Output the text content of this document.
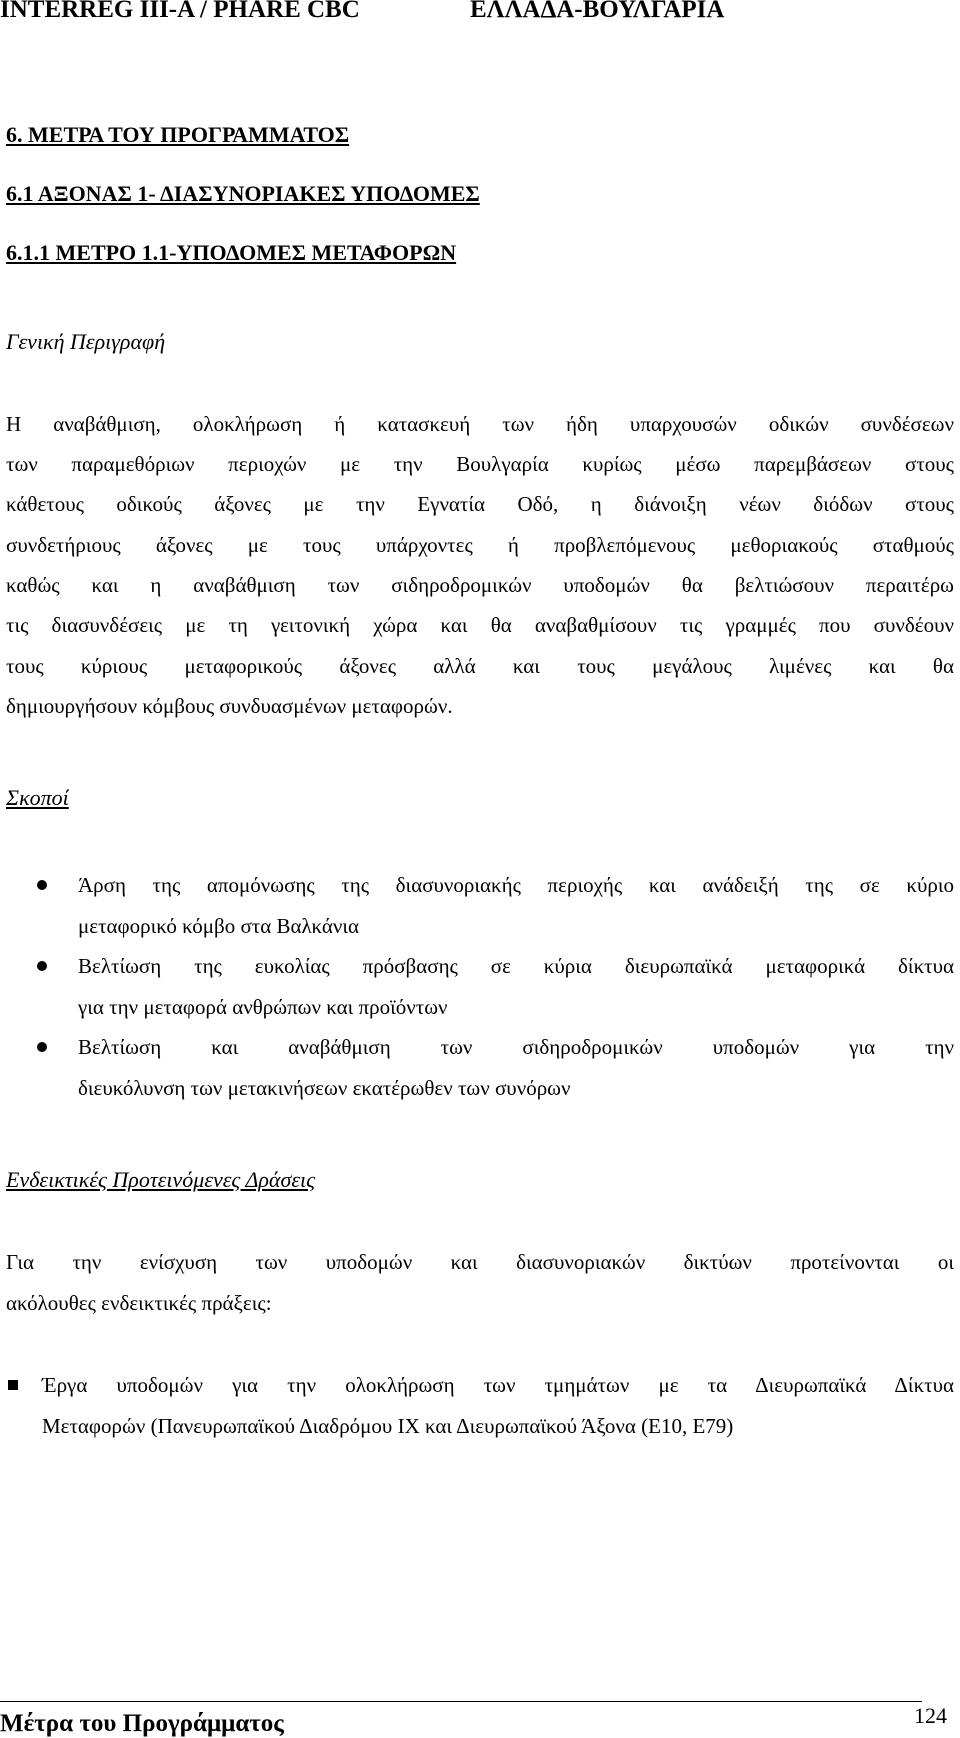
INTERREG III-A / PHARE CBC	ΕΛΛΑΔΑ-ΒΟΥΛΓΑΡΙΑ
6. ΜΕΤΡΑ ΤΟΥ ΠΡΟΓΡΑΜΜΑΤΟΣ
6.1 ΑΞΟΝΑΣ 1- ΔΙΑΣΥΝΟΡΙΑΚΕΣ ΥΠΟΔΟΜΕΣ
6.1.1 ΜΕΤΡΟ 1.1-ΥΠΟΔΟΜΕΣ ΜΕΤΑΦΟΡΩΝ
Γενική Περιγραφή
Η αναβάθμιση, ολοκλήρωση ή κατασκευή των ήδη υπαρχουσών οδικών συνδέσεων
των παραμεθόριων περιοχών με την Βουλγαρία κυρίως μέσω παρεμβάσεων στους
κάθετους οδικούς άξονες με την Εγνατία Οδό, η διάνοιξη νέων διόδων στους
συνδετήριους άξονες με τους υπάρχοντες ή προβλεπόμενους μεθοριακούς σταθμούς
καθώς και η αναβάθμιση των σιδηροδρομικών υποδομών θα βελτιώσουν περαιτέρω
τις διασυνδέσεις με τη γειτονική χώρα και θα αναβαθμίσουν τις γραμμές που συνδέουν
τους κύριους μεταφορικούς άξονες αλλά και τους μεγάλους λιμένες και θα
δημιουργήσουν κόμβους συνδυασμένων μεταφορών.
Σκοποί
Άρση της απομόνωσης της διασυνοριακής περιοχής και ανάδειξή της σε κύριο
μεταφορικό κόμβο στα Βαλκάνια
Βελτίωση της ευκολίας πρόσβασης σε κύρια διευρωπαϊκά μεταφορικά δίκτυα
για την μεταφορά ανθρώπων και προϊόντων
Βελτίωση και αναβάθμιση των σιδηροδρομικών υποδομών για την
διευκόλυνση των μετακινήσεων εκατέρωθεν των συνόρων
Ενδεικτικές Προτεινόμενες Δράσεις
Για την ενίσχυση των υποδομών και διασυνοριακών δικτύων προτείνονται οι
ακόλουθες ενδεικτικές πράξεις:
Έργα υποδομών για την ολοκλήρωση των τμημάτων με τα Διευρωπαϊκά Δίκτυα
Μεταφορών (Πανευρωπαϊκού Διαδρόμου IX και Διευρωπαϊκού Άξονα (Ε10, Ε79)
Μέτρα του Προγράμματος	124
